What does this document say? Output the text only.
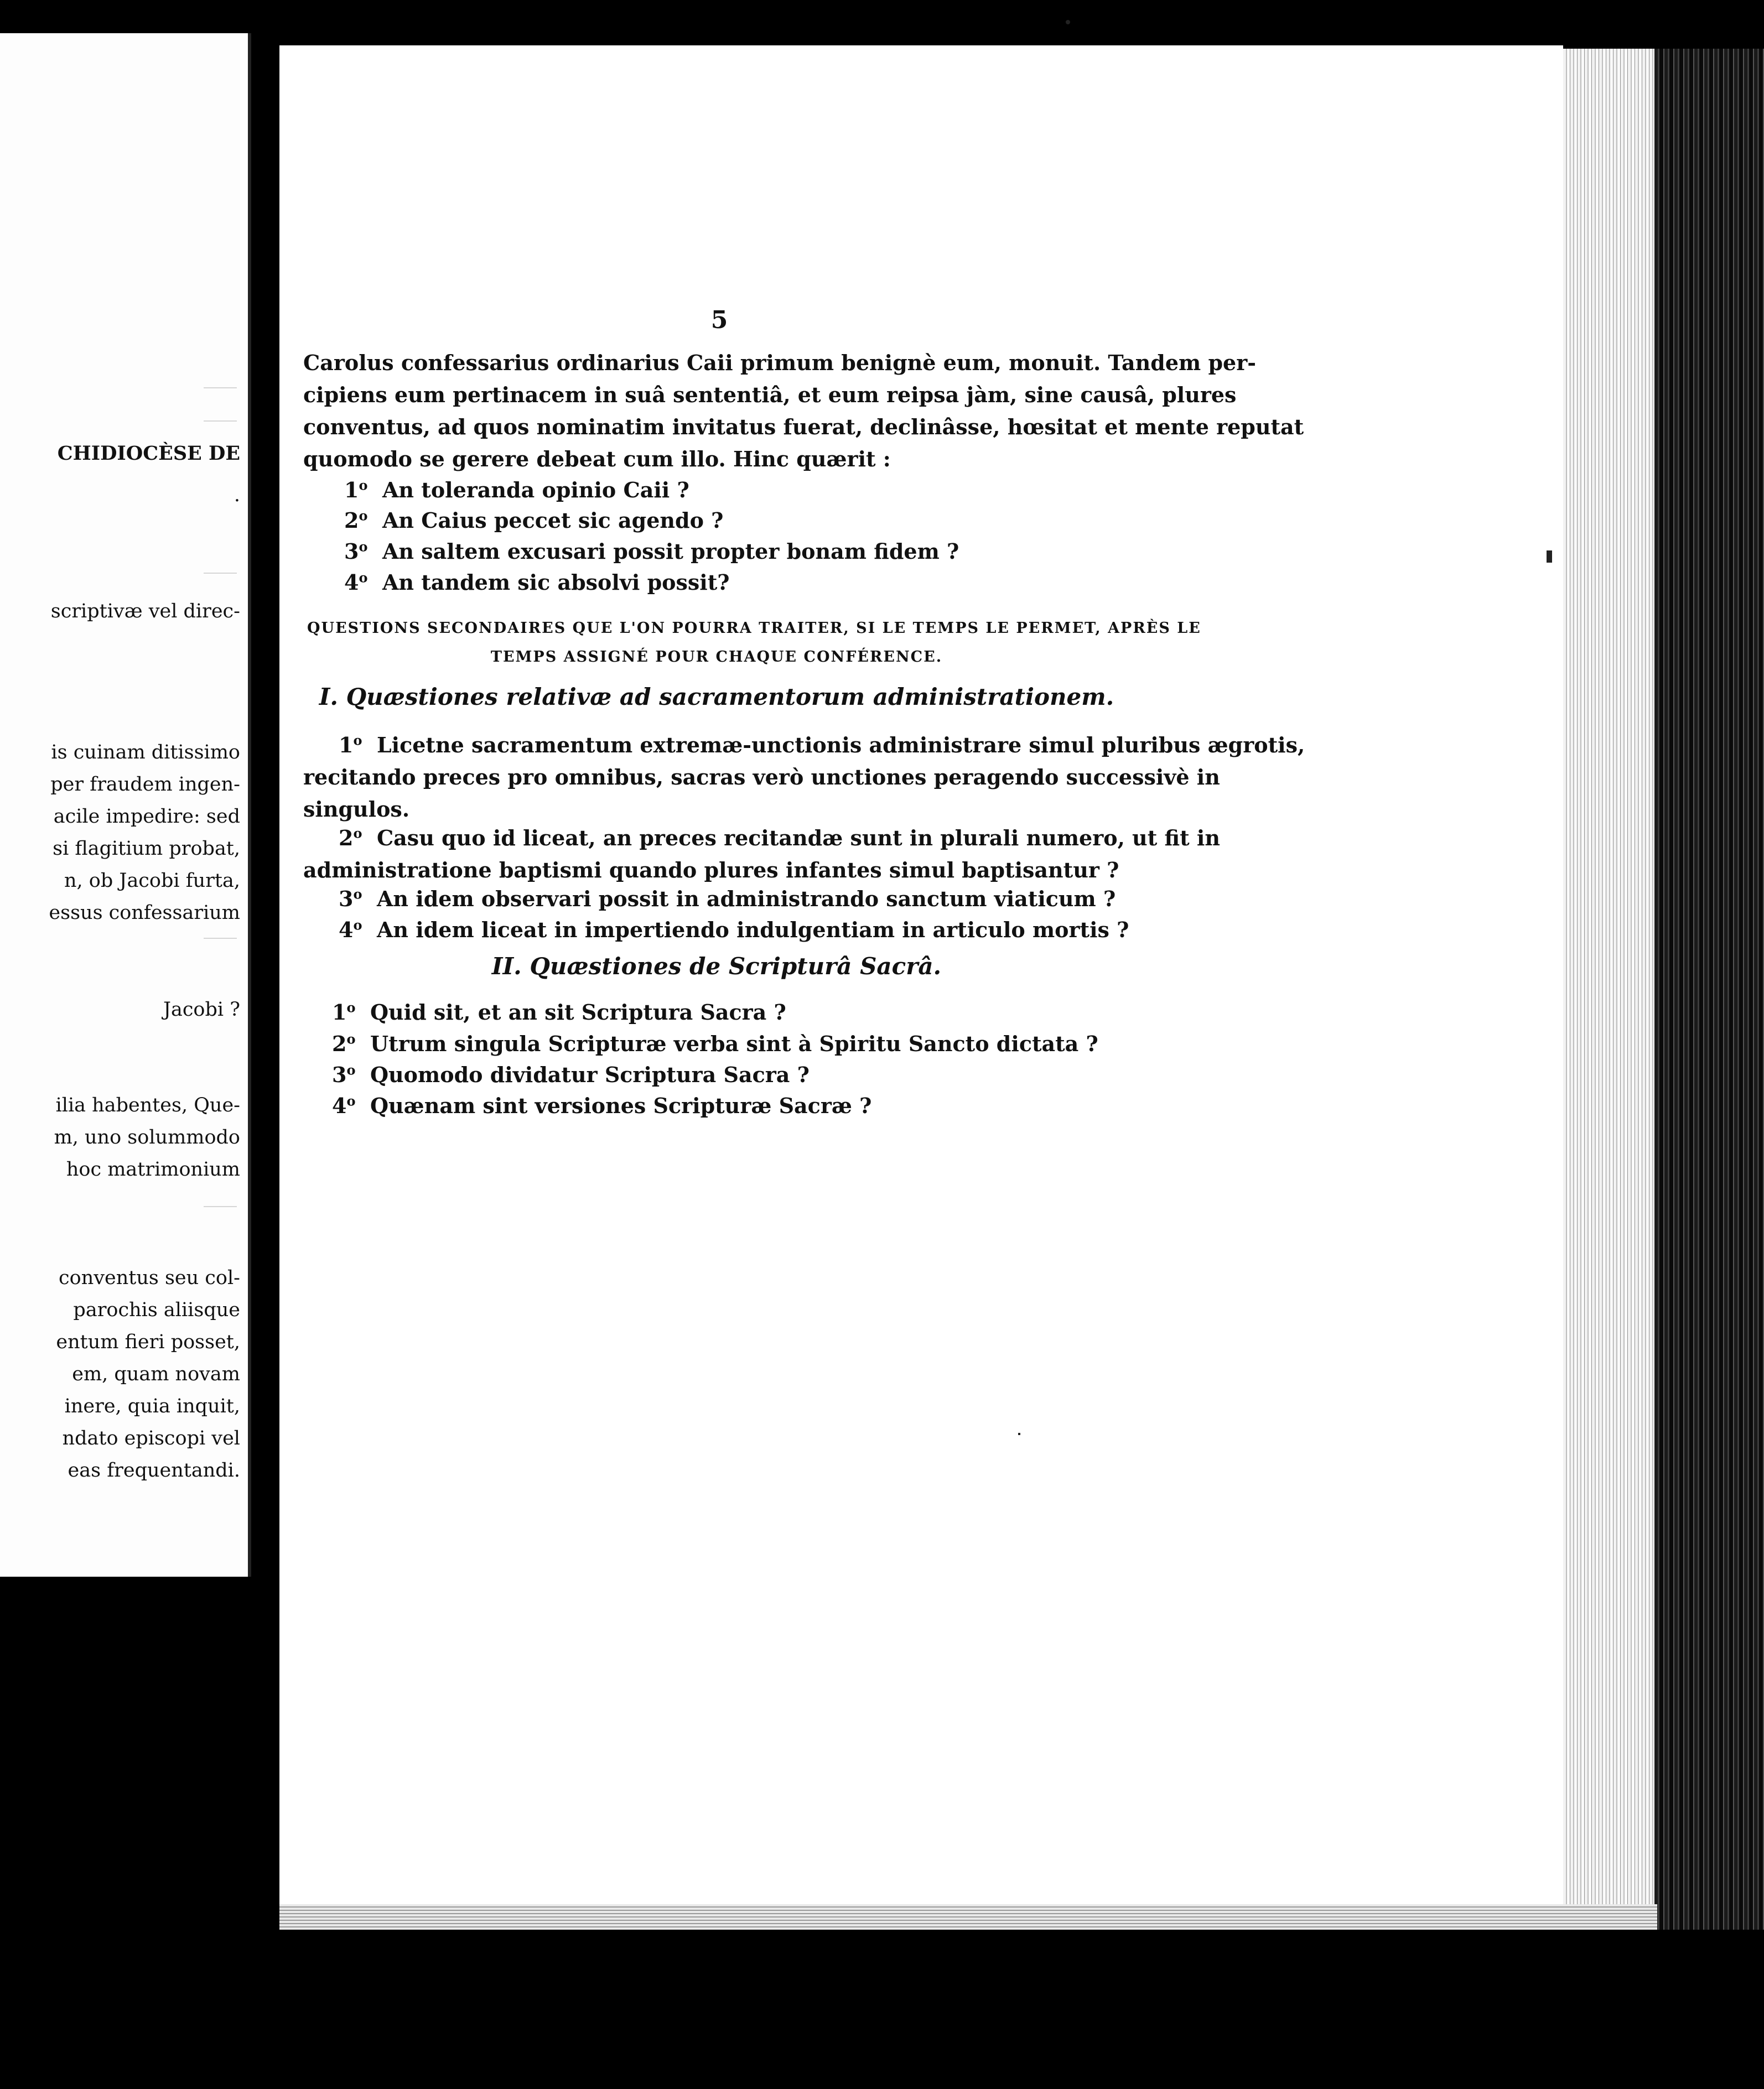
CHIDIOCÈSE DE
.
scriptivæ vel direc-
is cuinam ditissimo
per fraudem ingen-
acile impedire: sed
si flagitium probat,
n, ob Jacobi furta,
essus confessarium
Jacobi ?
ilia habentes, Que-
m, uno solummodo
hoc matrimonium
conventus seu col-
parochis aliisque
entum fieri posset,
em, quam novam
inere, quia inquit,
ndato episcopi vel
eas frequentandi.
5
Carolus confessarius ordinarius Caii primum benignè eum, monuit. Tandem per-
cipiens eum pertinacem in suâ sententiâ, et eum reipsa jàm, sine causâ, plures
conventus, ad quos nominatim invitatus fuerat, declinâsse, hœsitat et mente reputat
quomodo se gerere debeat cum illo. Hinc quærit :
1$^o$ An toleranda opinio Caii ?
2$^o$ An Caius peccet sic agendo ?
3$^o$ An saltem excusari possit propter bonam fidem ?
4$^o$ An tandem sic absolvi possit?
QUESTIONS SECONDAIRES QUE L'ON POURRA TRAITER, SI LE TEMPS LE PERMET, APRÈS LE
TEMPS ASSIGNÉ POUR CHAQUE CONFÉRENCE.
I. Quæstiones relativæ ad sacramentorum administrationem.
1$^o$ Licetne sacramentum extremæ-unctionis administrare simul pluribus ægrotis,
recitando preces pro omnibus, sacras verò unctiones peragendo successivè in
singulos.
2$^o$ Casu quo id liceat, an preces recitandæ sunt in plurali numero, ut fit in
administratione baptismi quando plures infantes simul baptisantur ?
3$^o$ An idem observari possit in administrando sanctum viaticum ?
4$^o$ An idem liceat in impertiendo indulgentiam in articulo mortis ?
II. Quæstiones de Scripturâ Sacrâ.
1$^o$ Quid sit, et an sit Scriptura Sacra ?
2$^o$ Utrum singula Scripturæ verba sint à Spiritu Sancto dictata ?
3$^o$ Quomodo dividatur Scriptura Sacra ?
4$^o$ Quænam sint versiones Scripturæ Sacræ ?
